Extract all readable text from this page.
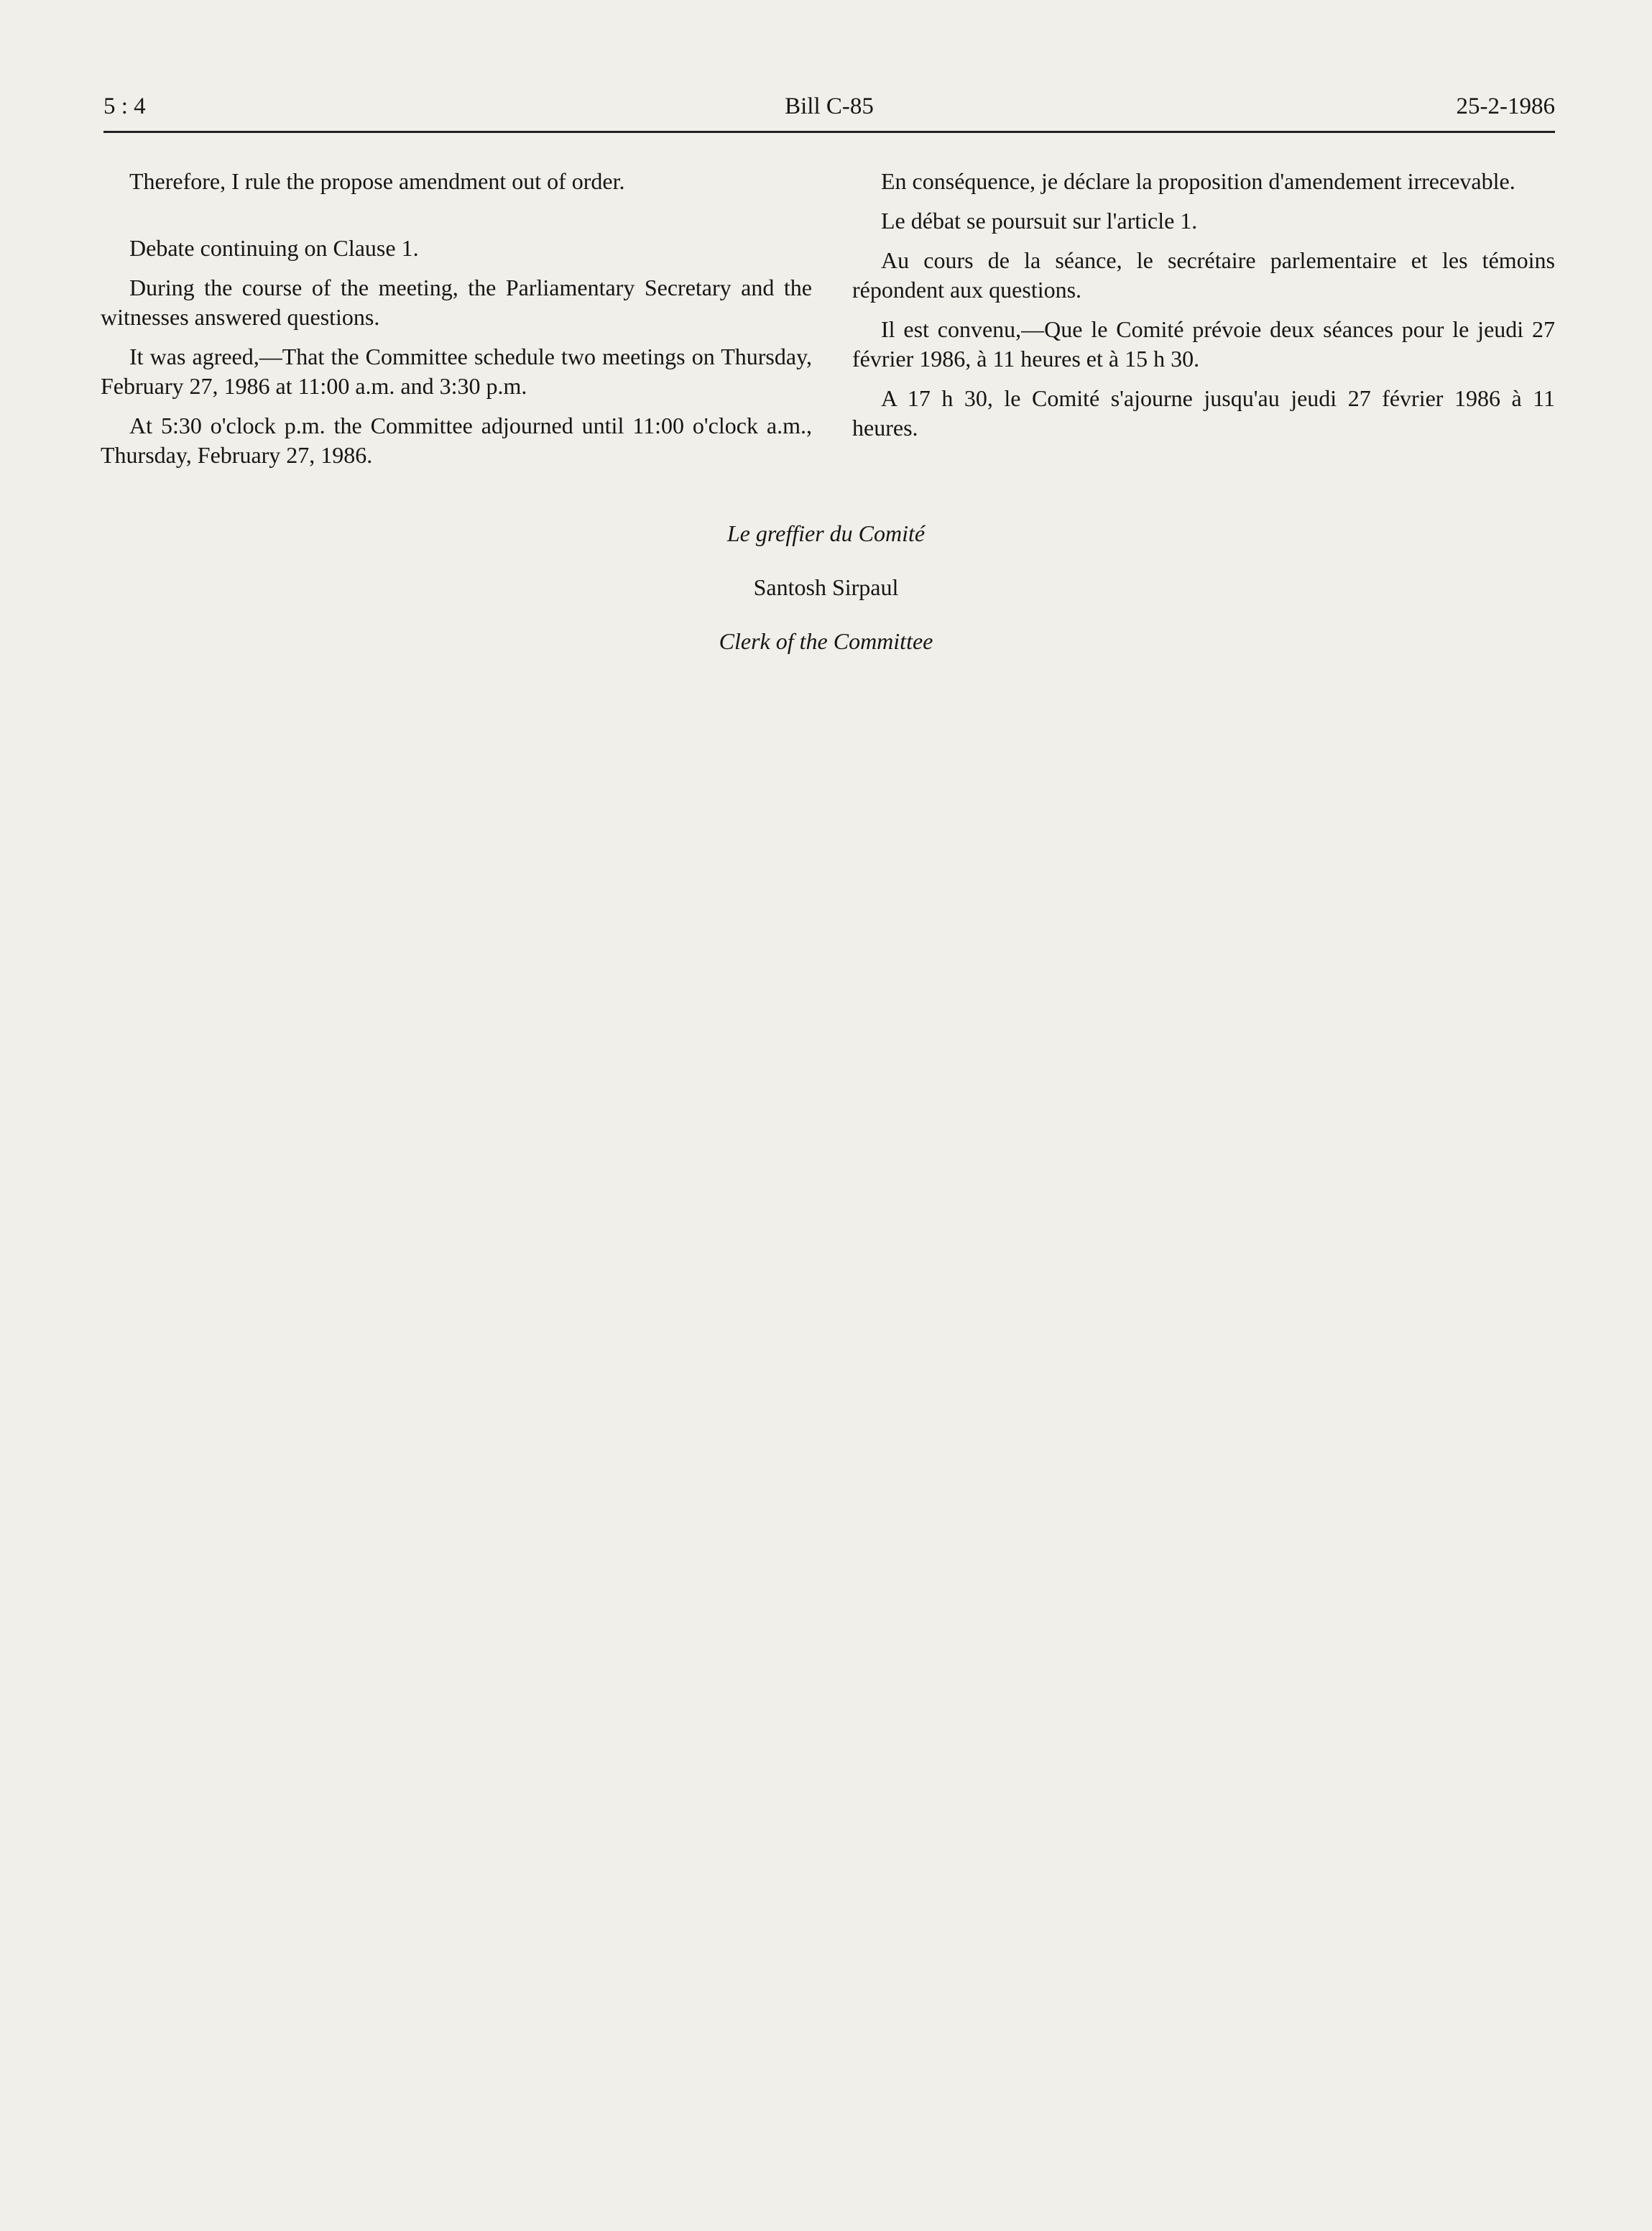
5 : 4	Bill C-85	25-2-1986

Therefore, I rule the propose amendment out of order.

Debate continuing on Clause 1.

During the course of the meeting, the Parliamentary Secretary and the witnesses answered questions.

It was agreed,—That the Committee schedule two meetings on Thursday, February 27, 1986 at 11:00 a.m. and 3:30 p.m.

At 5:30 o'clock p.m. the Committee adjourned until 11:00 o'clock a.m., Thursday, February 27, 1986.

En conséquence, je déclare la proposition d'amendement irrecevable.

Le débat se poursuit sur l'article 1.

Au cours de la séance, le secrétaire parlementaire et les témoins répondent aux questions.

Il est convenu,—Que le Comité prévoie deux séances pour le jeudi 27 février 1986, à 11 heures et à 15 h 30.

A 17 h 30, le Comité s'ajourne jusqu'au jeudi 27 février 1986 à 11 heures.

Le greffier du Comité
Santosh Sirpaul
Clerk of the Committee
